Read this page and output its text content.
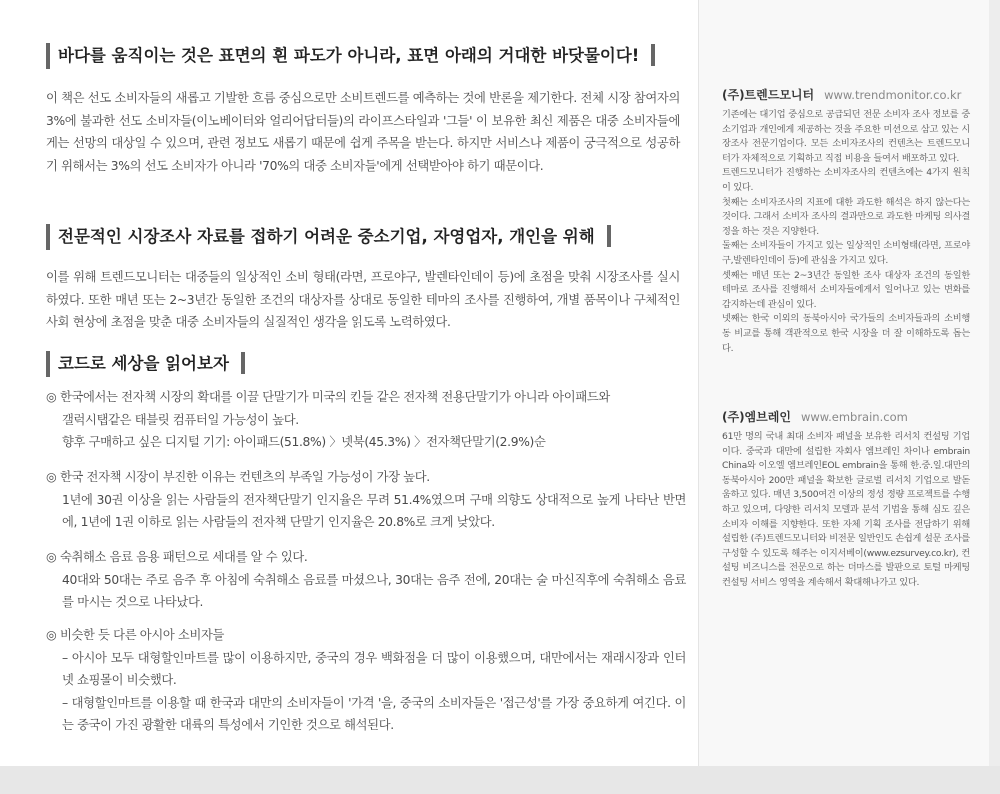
바다를 움직이는 것은 표면의 흰 파도가 아니라, 표면 아래의 거대한 바닷물이다!
이 책은 선도 소비자들의 새롭고 기발한 흐름 중심으로만 소비트렌드를 예측하는 것에 반론을 제기한다. 전체 시장 참여자의 3%에 불과한 선도 소비자들(이노베이터와 얼리어답터들)의 라이프스타일과 '그들' 이 보유한 최신 제품은 대중 소비자들에게는 선망의 대상일 수 있으며, 관련 정보도 새롭기 때문에 쉽게 주목을 받는다. 하지만 서비스나 제품이 궁극적으로 성공하기 위해서는 3%의 선도 소비자가 아니라 '70%의 대중 소비자들'에게 선택받아야 하기 때문이다.
전문적인 시장조사 자료를 접하기 어려운 중소기업, 자영업자, 개인을 위해
이를 위해 트렌드모니터는 대중들의 일상적인 소비 형태(라면, 프로야구, 발렌타인데이 등)에 초점을 맞춰 시장조사를 실시하였다. 또한 매년 또는 2~3년간 동일한 조건의 대상자를 상대로 동일한 테마의 조사를 진행하여, 개별 품목이나 구체적인 사회 현상에 초점을 맞춘 대중 소비자들의 실질적인 생각을 읽도록 노력하였다.
코드로 세상을 읽어보자
◎ 한국에서는 전자책 시장의 확대를 이끌 단말기가 미국의 킨들 같은 전자책 전용단말기가 아니라 아이패드와
갤럭시탭같은 태블릿 컴퓨터일 가능성이 높다.
향후 구매하고 싶은 디지털 기기: 아이패드(51.8%) 〉넷북(45.3%) 〉전자책단말기(2.9%)순
◎ 한국 전자책 시장이 부진한 이유는 컨텐츠의 부족일 가능성이 가장 높다.
1년에 30권 이상을 읽는 사람들의 전자책단말기 인지율은 무려 51.4%였으며 구매 의향도 상대적으로 높게 나타난 반면에, 1년에 1권 이하로 읽는 사람들의 전자책 단말기 인지율은 20.8%로 크게 낮았다.
◎ 숙취해소 음료 음용 패턴으로 세대를 알 수 있다.
40대와 50대는 주로 음주 후 아침에 숙취해소 음료를 마셨으나, 30대는 음주 전에, 20대는 술 마신직후에 숙취해소 음료를 마시는 것으로 나타났다.
◎ 비슷한 듯 다른 아시아 소비자들
– 아시아 모두 대형할인마트를 많이 이용하지만, 중국의 경우 백화점을 더 많이 이용했으며, 대만에서는 재래시장과 인터넷 쇼핑몰이 비슷했다.
– 대형할인마트를 이용할 때 한국과 대만의 소비자들이 '가격 '을, 중국의 소비자들은 '접근성'를 가장 중요하게 여긴다. 이는 중국이 가진 광활한 대륙의 특성에서 기인한 것으로 해석된다.
(주)트렌드모니터 www.trendmonitor.co.kr

기존에는 대기업 중심으로 공급되던 전문 소비자 조사 정보를 중소기업과 개인에게 제공하는 것을 주요한 미션으로 삼고 있는 시장조사 전문기업이다. 모든 소비자조사의 컨텐츠는 트렌드모니터가 자체적으로 기획하고 직접 비용을 들여서 배포하고 있다.

트렌드모니터가 진행하는 소비자조사의 컨텐츠에는 4가지 원칙이 있다.

첫째는 소비자조사의 지표에 대한 과도한 해석은 하지 않는다는 것이다. 그래서 소비자 조사의 결과만으로 과도한 마케팅 의사결정을 하는 것은 지양한다.

둘째는 소비자들이 가지고 있는 일상적인 소비형태(라면, 프로야구,발렌타인데이 등)에 관심을 가지고 있다.

셋째는 매년 또는 2~3년간 동일한 조사 대상자 조건의 동일한 테마로 조사를 진행해서 소비자들에게서 일어나고 있는 변화를 감지하는데 관심이 있다.

넷째는 한국 이외의 동북아시아 국가들의 소비자들과의 소비행동 비교를 통해 객관적으로 한국 시장을 더 잘 이해하도록 돕는다.

(주)엠브레인 www.embrain.com

61만 명의 국내 최대 소비자 패널을 보유한 리서치 컨설팅 기업이다. 중국과 대만에 설립한 자회사 엠브레인 차이나 embrain China와 이오엘 엠브레인EOL embrain을 통해 한.중.일.대만의 동북아시아 200만 패널을 확보한 글로벌 리서치 기업으로 발돋움하고 있다. 매년 3,500여건 이상의 정성 정량 프로젝트를 수행하고 있으며, 다양한 리서치 모델과 분석 기법을 통해 심도 깊은 소비자 이해를 지향한다. 또한 자체 기획 조사를 전담하기 위해 설립한 (주)트렌드모니터와 비전문 일반인도 손쉽게 설문 조사를 구성할 수 있도록 해주는 이지서베이(www.ezsurvey.co.kr), 컨설팅 비즈니스를 전문으로 하는 더마스를 발판으로 토털 마케팅 컨설팅 서비스 영역을 계속해서 확대해나가고 있다.
